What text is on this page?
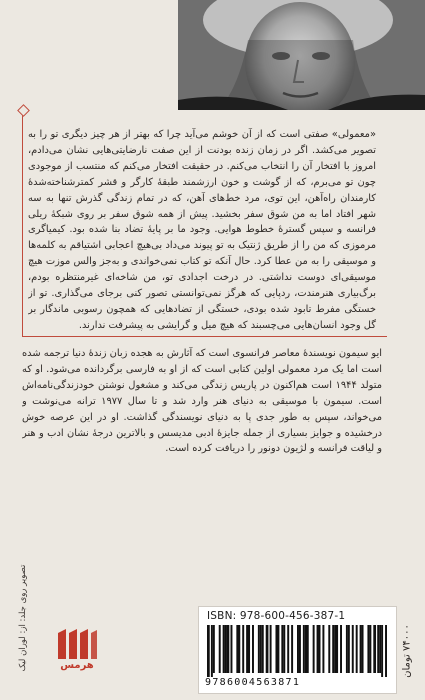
«معمولی» صفتی است که از آن خوشم می‌آید چرا که بهتر از هر چیز دیگری تو را به تصویر می‌کشد. اگر در زمان زنده بودنت از این صفت نارضایتی‌هایی نشان می‌دادم، امروز با افتخار آن را انتخاب می‌کنم. در حقیقت افتخار می‌کنم که منتسب از موجودی چون تو می‌برم، که از گوشت و خون ارزشمند طبقهٔ کارگر و قشر کمترشناخته‌شدهٔ کارمندان راه‌آهن، این توی، مرد خط‌های آهن، که در تمام زندگی گذرش تنها به سه شهر افتاد اما به من شوق سفر بخشید. پیش از همه شوق سفر بر روی شبکهٔ ریلی فرانسه و سپس گسترهٔ خطوط هوایی. وجود ما بر پایهٔ تضاد بنا شده بود. کیمیاگری مرموزی که من را از طریق ژنتیک به تو پیوند می‌داد بی‌هیچ اعجابی اشتیاقم به کلمه‌ها و موسیقی را به من عطا کرد. حال آنکه تو کتاب نمی‌خواندی و به‌جز والس موزت هیچ موسیقی‌ای دوست نداشتی. در درخت اجدادی تو، من شاخه‌ای غیرمنتظره بودم، برگ‌بیاری هنرمندت، ردپایی که هرگز نمی‌توانستی تصور کنی برجای می‌گذاری. تو از خستگی مفرط تابود شده بودی، خستگی از تضادهایی که همچون رسوبی ماندگار بر گل وجود انسان‌هایی می‌چسبند که هیچ میل و گرایشی به پیشرفت ندارند.

ایو سیمون نویسندهٔ معاصر فرانسوی است که آثارش به هجده زبان زندهٔ دنیا ترجمه شده است اما یک مرد معمولی اولین کتابی است که از او به فارسی برگردانده می‌شود. او که متولد ۱۹۴۴ است هم‌اکنون در پاریس زندگی می‌کند و مشغول نوشتن خودزندگی‌نامه‌اش است. سیمون با موسیقی به دنیای هنر وارد شد و تا سال ۱۹۷۷ ترانه می‌نوشت و می‌خواند، سپس به طور جدی پا به دنیای نویسندگی گذاشت. او در این عرصه خوش درخشیده و جوایز بسیاری از جمله جایزهٔ ادبی مدیسس و بالاترین درجهٔ نشان ادب و هنر و لیاقت فرانسه و لژیون دونور را دریافت کرده است.

تصویر روی جلد: از: لوران لیک	هرمس
ISBN: 978-600-456-387-1
9786004563871
۷۴۰۰۰ تومان
